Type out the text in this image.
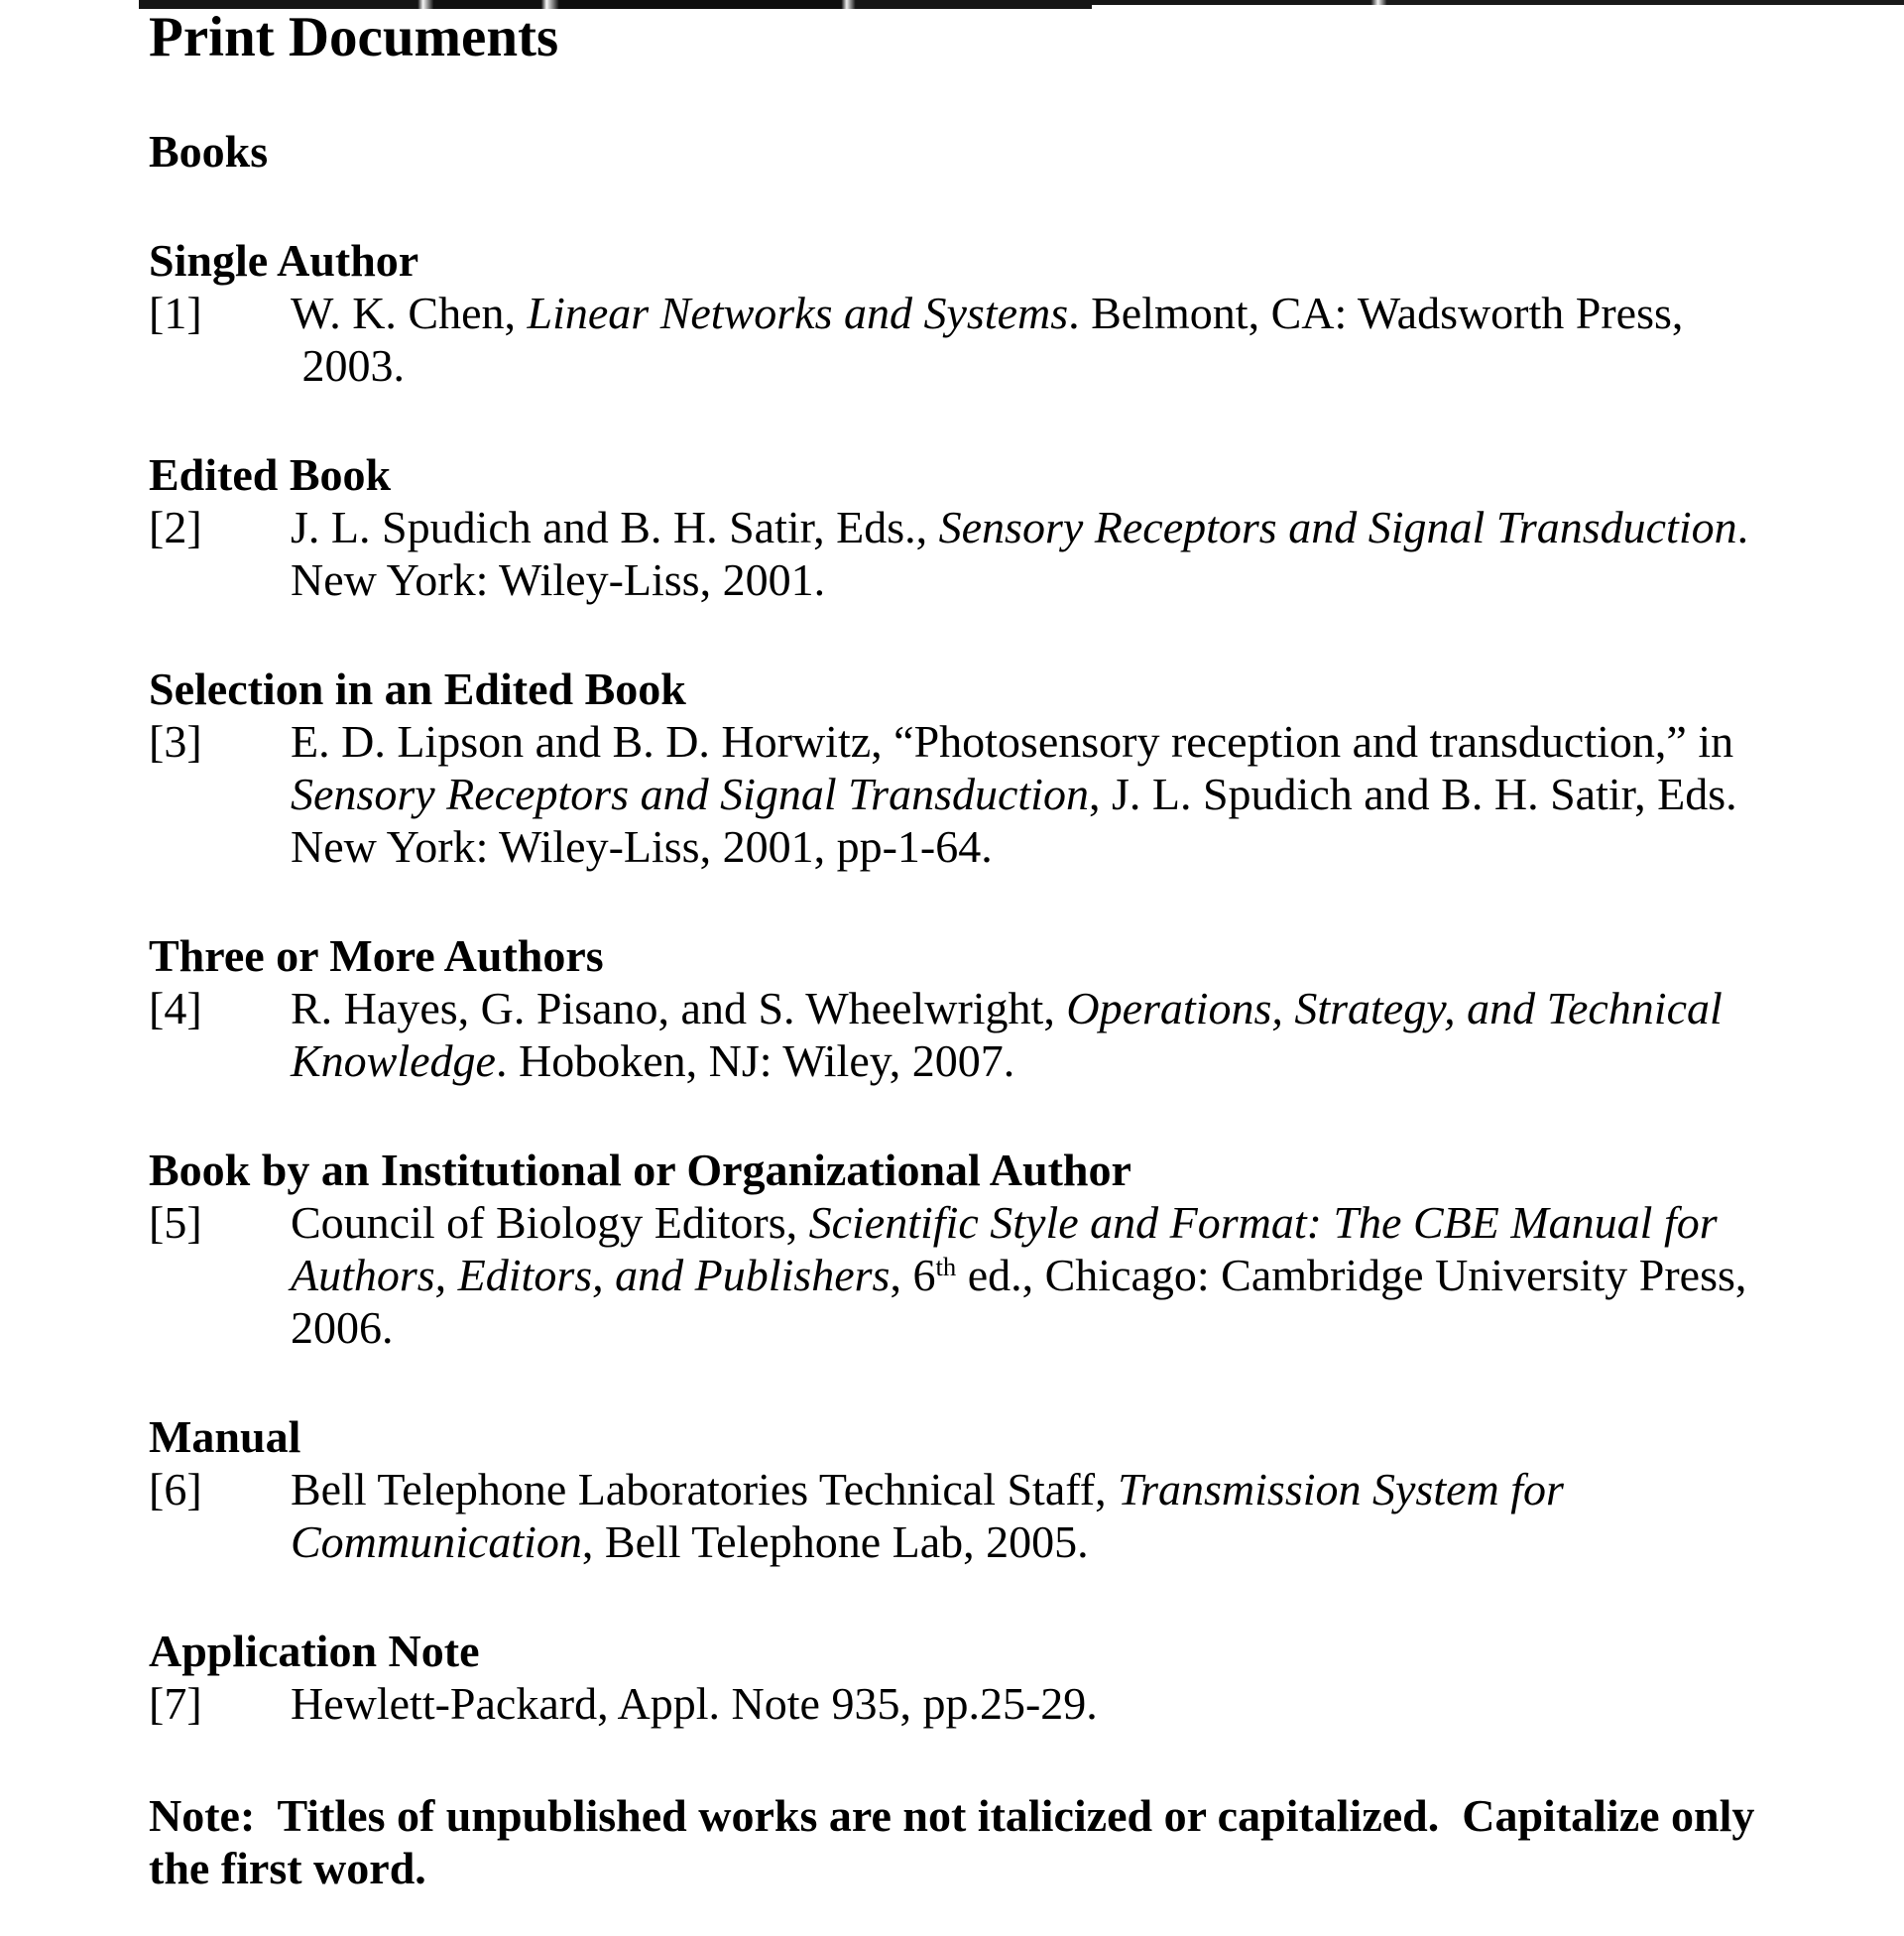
Print Documents
Books
Single Author
[1] W. K. Chen, Linear Networks and Systems. Belmont, CA: Wadsworth Press,
2003.
Edited Book
[2] J. L. Spudich and B. H. Satir, Eds., Sensory Receptors and Signal Transduction.
New York: Wiley-Liss, 2001.
Selection in an Edited Book
[3] E. D. Lipson and B. D. Horwitz, “Photosensory reception and transduction,” in
Sensory Receptors and Signal Transduction, J. L. Spudich and B. H. Satir, Eds.
New York: Wiley-Liss, 2001, pp-1-64.
Three or More Authors
[4] R. Hayes, G. Pisano, and S. Wheelwright, Operations, Strategy, and Technical
Knowledge. Hoboken, NJ: Wiley, 2007.
Book by an Institutional or Organizational Author
[5] Council of Biology Editors, Scientific Style and Format: The CBE Manual for
Authors, Editors, and Publishers, 6th ed., Chicago: Cambridge University Press,
2006.
Manual
[6] Bell Telephone Laboratories Technical Staff, Transmission System for
Communication, Bell Telephone Lab, 2005.
Application Note
[7] Hewlett-Packard, Appl. Note 935, pp.25-29.
Note:  Titles of unpublished works are not italicized or capitalized.  Capitalize only
the first word.
